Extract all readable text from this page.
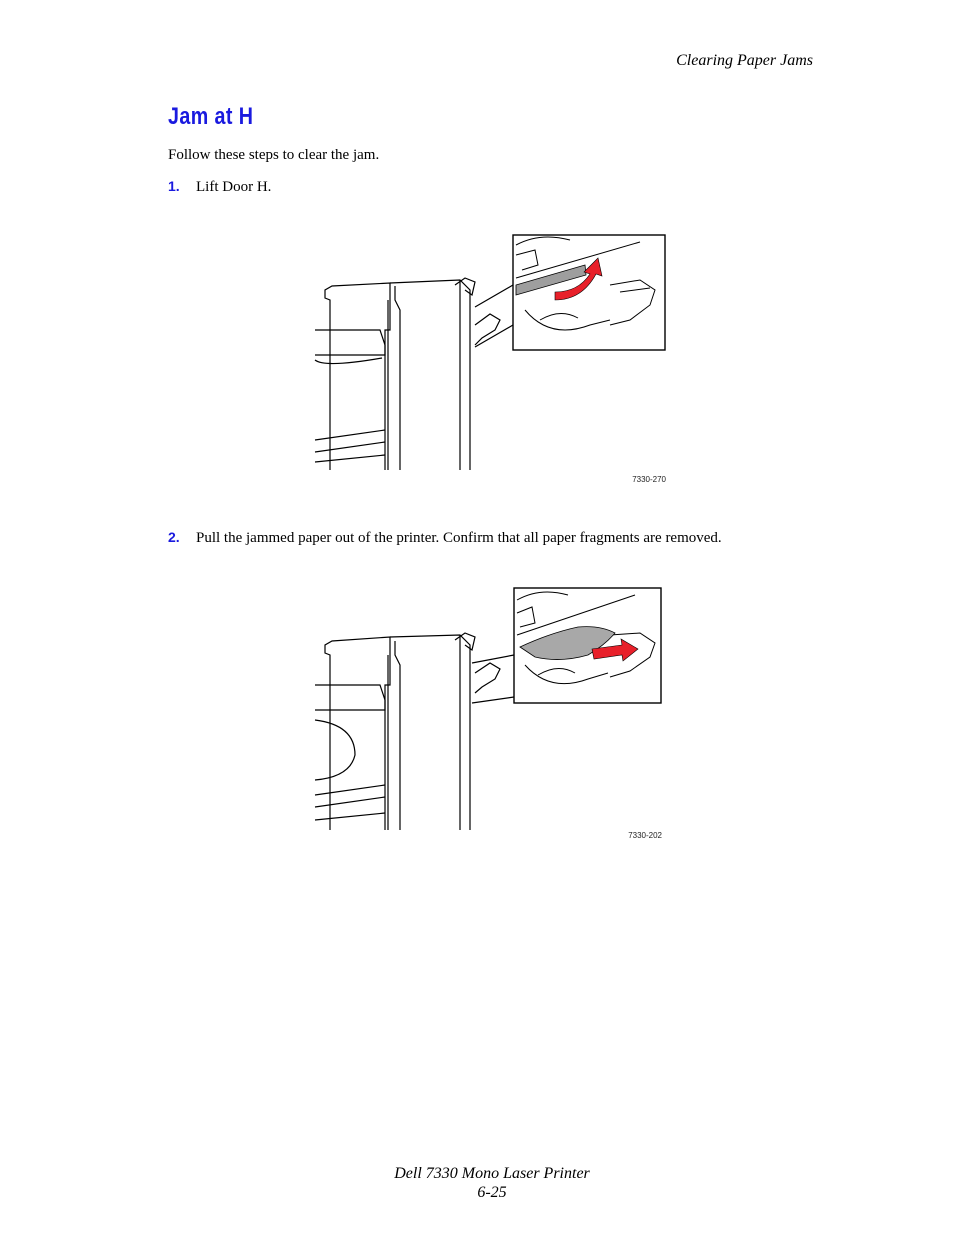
Clearing Paper Jams
Jam at H
Follow these steps to clear the jam.
1. Lift Door H.
7330-270
2. Pull the jammed paper out of the printer. Confirm that all paper fragments are removed.
7330-202
Dell 7330 Mono Laser Printer
6-25
